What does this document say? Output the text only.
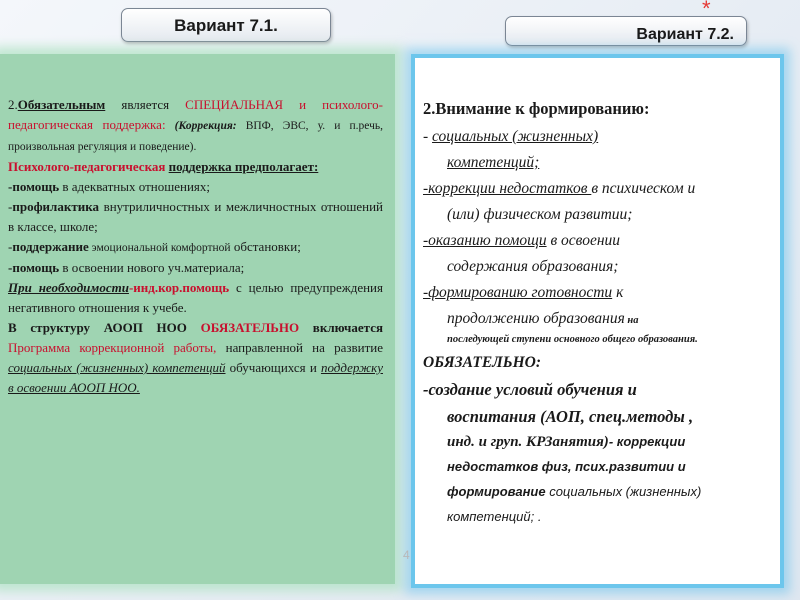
Вариант 7.1.	Вариант 7.2.
*

2.Обязательным является СПЕЦИАЛЬНАЯ и психолого-педагогическая поддержка: (Коррекция: ВПФ, ЭВС, у. и п.речь, произвольная регуляция и поведение).

Психолого-педагогическая поддержка предполагает:

-помощь в адекватных отношениях;

-профилактика внутриличностных и межличностных отношений в классе, школе;

-поддержание эмоциональной комфортной обстановки;

-помощь в освоении нового уч.материала;

При необходимости-инд.кор.помощь с целью предупреждения негативного отношения к учебе.

В структуру АООП НОО ОБЯЗАТЕЛЬНО включается Программа коррекционной работы, направленной на развитие социальных (жизненных) компетенций обучающихся и поддержку в освоении АООП НОО.

2.Внимание к формированию:

- социальных (жизненных)

компетенций;

-коррекции недостатков в психическом и

(или) физическом развитии;

-оказанию помощи в освоении

содержания образования;

-формированию готовности к

продолжению образования на

последующей ступени основного общего образования.

ОБЯЗАТЕЛЬНО:

-создание условий обучения и

воспитания (АОП, спец.методы ,

инд. и груп. КРЗанятия)- коррекции недостатков физ, псих.развитии и формирование социальных (жизненных) компетенций; .

4
